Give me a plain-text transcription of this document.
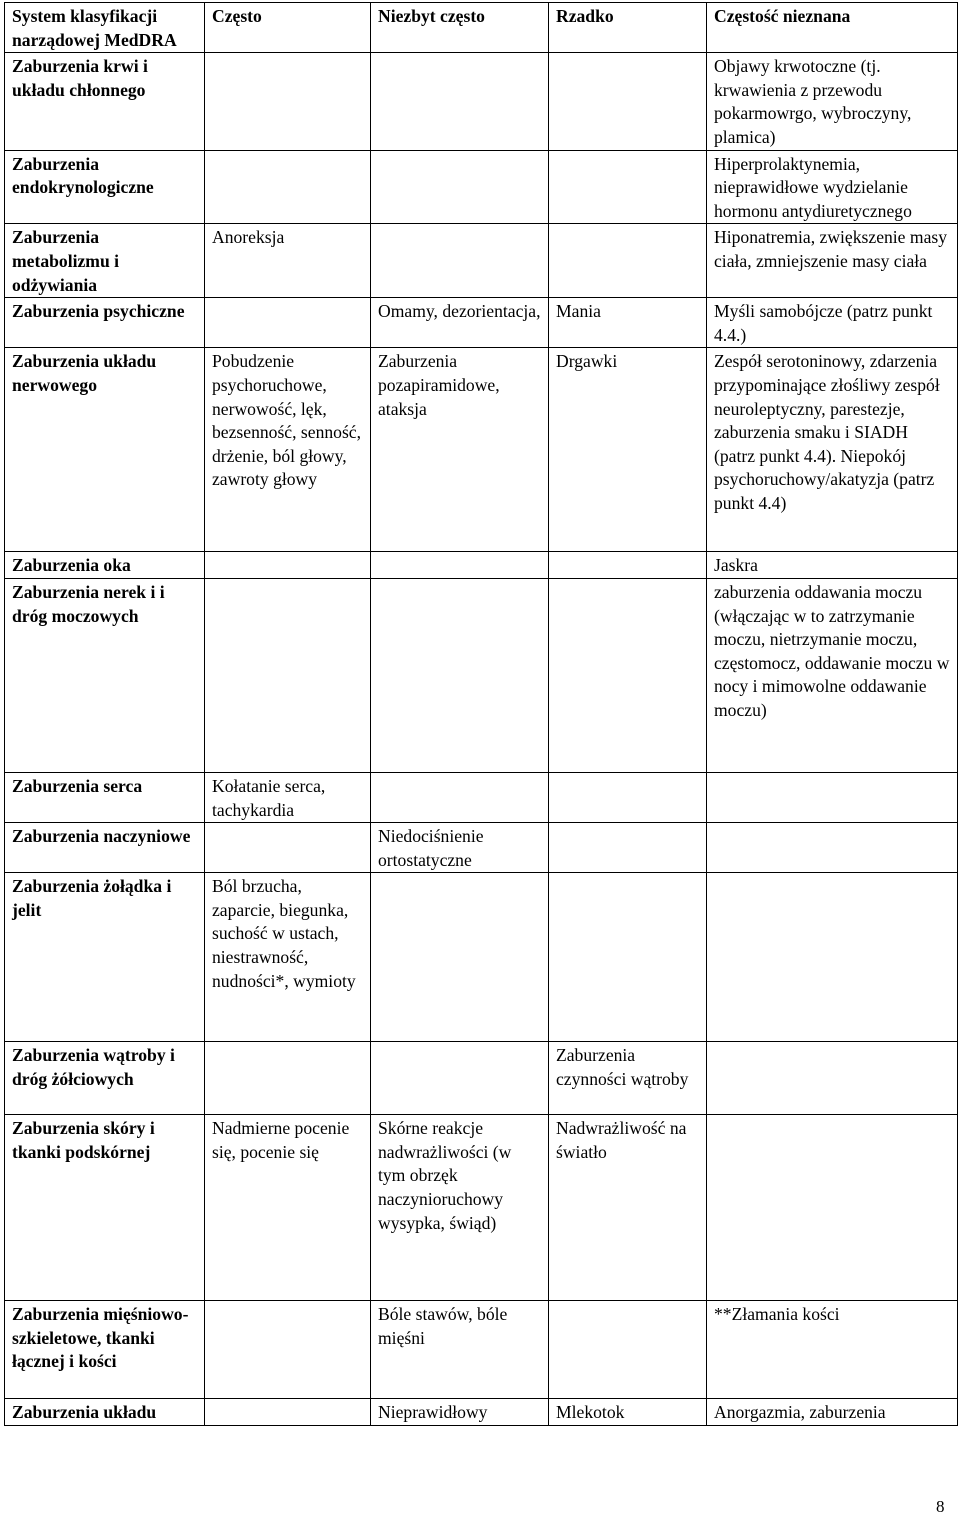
System klasyfikacji narządowej MedDRA	Często	Niezbyt często	Rzadko	Częstość nieznana
Zaburzenia krwi i układu chłonnego				Objawy krwotoczne (tj. krwawienia z przewodu pokarmowrgo, wybroczyny, plamica)
Zaburzenia endokrynologiczne				Hiperprolaktynemia, nieprawidłowe wydzielanie hormonu antydiuretycznego
Zaburzenia metabolizmu i odżywiania	Anoreksja			Hiponatremia, zwiększenie masy ciała, zmniejszenie masy ciała
Zaburzenia psychiczne		Omamy, dezorientacja,	Mania	Myśli samobójcze (patrz punkt 4.4.)
Zaburzenia układu nerwowego	Pobudzenie psychoruchowe, nerwowość, lęk, bezsenność, senność, drżenie, ból głowy, zawroty głowy	Zaburzenia pozapiramidowe, ataksja	Drgawki	Zespół serotoninowy, zdarzenia przypominające złośliwy zespół neuroleptyczny, parestezje, zaburzenia smaku i SIADH (patrz punkt 4.4). Niepokój psychoruchowy/akatyzja (patrz punkt 4.4)
Zaburzenia oka				Jaskra
Zaburzenia nerek i i dróg moczowych				zaburzenia oddawania moczu (włączając w to zatrzymanie moczu, nietrzymanie moczu, częstomocz, oddawanie moczu w nocy i mimowolne oddawanie moczu)
Zaburzenia serca	Kołatanie serca, tachykardia			
Zaburzenia naczyniowe		Niedociśnienie ortostatyczne		
Zaburzenia żołądka i jelit	Ból brzucha, zaparcie, biegunka, suchość w ustach, niestrawność, nudności*, wymioty			
Zaburzenia wątroby i dróg żółciowych			Zaburzenia czynności wątroby	
Zaburzenia skóry i tkanki podskórnej	Nadmierne pocenie się, pocenie się	Skórne reakcje nadwrażliwości (w tym obrzęk naczynioruchowy wysypka, świąd)	Nadwrażliwość na światło	
Zaburzenia mięśniowo-szkieletowe, tkanki łącznej i kości		Bóle stawów, bóle mięśni		**Złamania kości
Zaburzenia układu		Nieprawidłowy	Mlekotok	Anorgazmia, zaburzenia
8
